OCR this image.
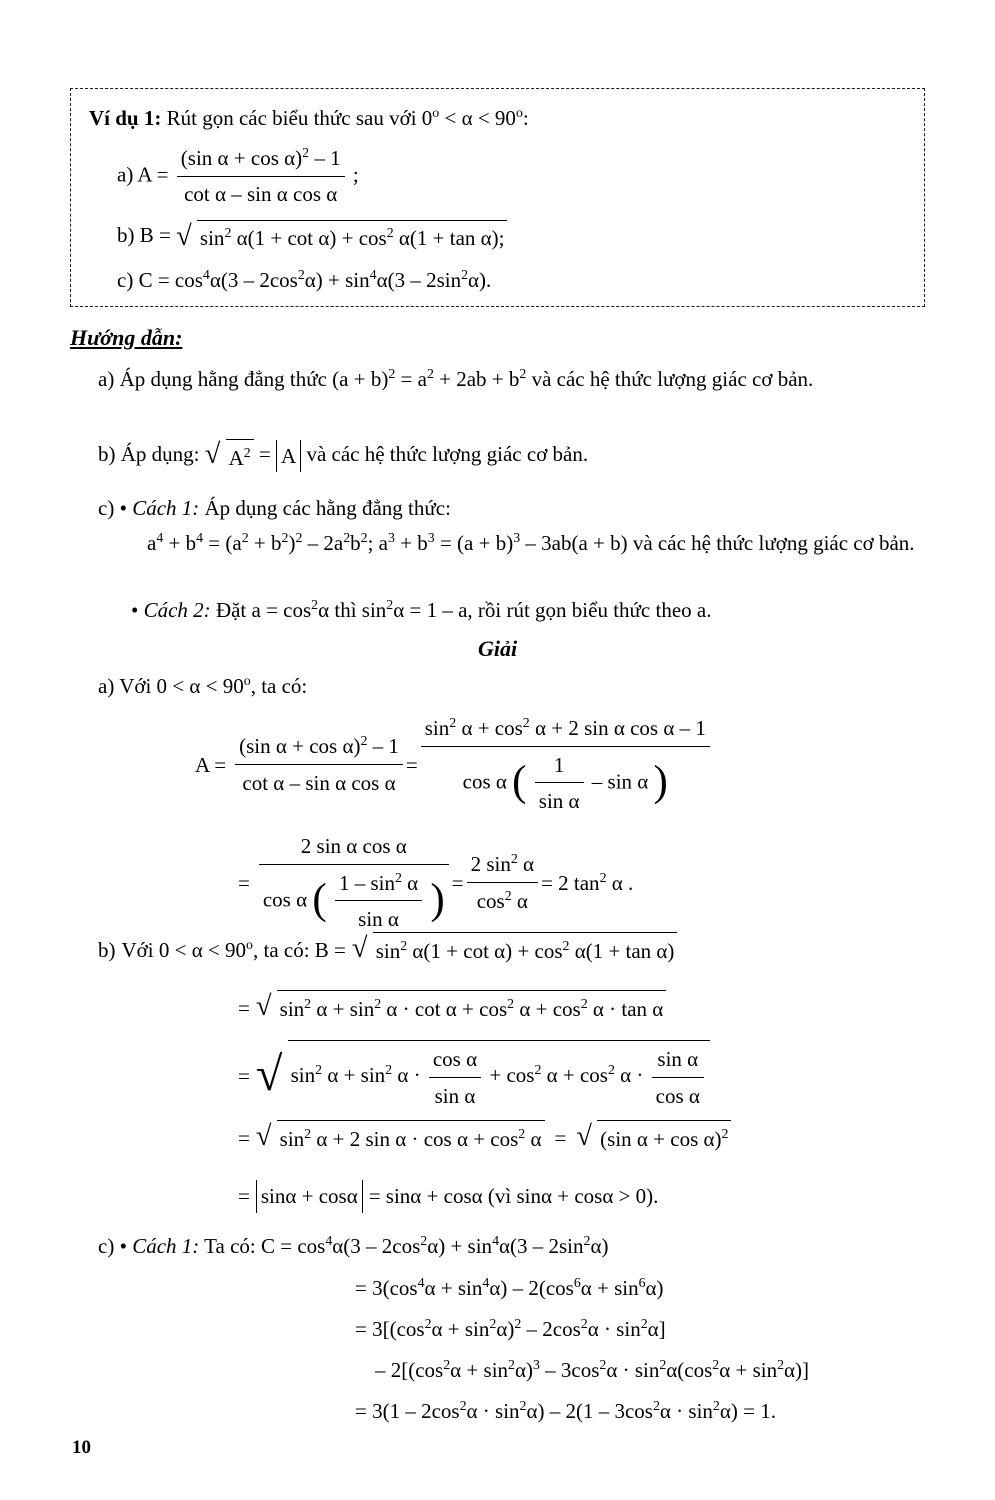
Ví dụ 1: Rút gọn các biểu thức sau với $0^o < \alpha < 90^o$:
a) $A = \frac{(\sin \alpha + \cos \alpha)^2 - 1}{\text{cot α – sin α cos α}}$ ;
b) B = √ $\sin^2 \alpha(1 + \cot \alpha) + \cos^2 \alpha(1 + \tan \alpha)$;
c) $C = \cos^4\alpha(3 - 2\cos^2\alpha) + \sin^4\alpha(3 - 2\sin^2\alpha)$.
Hướng dẫn:
a) Áp dụng hằng đẳng thức $(a + b)^2 = a^2 + 2ab + b^2$ và các hệ thức lượng giác cơ bản.
b) Áp dụng: √ $A^2 = A$ và các hệ thức lượng giác cơ bản.
c) • Cách 1: Áp dụng các hằng đẳng thức:
$a^4 + b^4 = (a^2 + b^2)^2 - 2a^2b^2$; $a^3 + b^3 = (a + b)^3 - 3ab(a + b)$ và các hệ thức lượng giác cơ bản.
• Cách 2: Đặt $a = \cos^2\alpha$ thì $\sin^2\alpha = 1 - a$, rồi rút gọn biểu thức theo a.
Giải
a) Với $0 < \alpha < 90^o$, ta có:
$A = \frac{(\sin \alpha + \cos \alpha)^2 - 1}{\text{cot α – sin α cos α}}$ =
$\sin^2 \alpha + \cos^2 \alpha + 2$ sin α cos α – 1
cos α ( $\frac{1}{\text{sin α}}$ – sin α )
=
2 sin α cos α
cos α ( $\frac{1 - \sin^2 \alpha}{\text{sin α}}$ ) = $\frac{2 \sin^2 \alpha}{\cos^2 \alpha} = 2$ $\tan^2 \alpha$ .
b) Với $0 < \alpha < 90^o$, ta có: B = √ $\sin^2 \alpha(1 + \cot \alpha) + \cos^2 \alpha(1 + \tan \alpha)$
= √ $\sin^2 \alpha + \sin^2 \alpha \cdot \cot \alpha + \cos^2 \alpha + \cos^2 \alpha \cdot \tan \alpha$
= √ $\sin^2 \alpha + \sin^2 \alpha \cdot \frac{\text{cos α}}{\text{sin α}} + \cos^2 \alpha + \cos^2 \alpha \cdot \frac{\text{sin α}}{\text{cos α}}$
= √ $\sin^2 \alpha + 2$ $\sin \alpha \cdot \cos \alpha + \cos^2 \alpha$ = √ (sin α + cos α)$^2$
= sinα + cosα = sinα + cosα (vì sinα + cosα > 0).
c) • Cách 1: Ta có: $C = \cos^4\alpha(3 - 2\cos^2\alpha) + \sin^4\alpha(3 - 2\sin^2\alpha)$
= $3(\cos^4\alpha + \sin^4\alpha) - 2(\cos^6\alpha + \sin^6\alpha)$
= $3[(\cos^2\alpha + \sin^2\alpha)^2 - 2\cos^2\alpha \cdot \sin^2\alpha]$
– $2[(\cos^2\alpha + \sin^2\alpha)^3 - 3\cos^2\alpha \cdot \sin^2\alpha(\cos^2\alpha + \sin^2\alpha)]$
= $3(1 - 2\cos^2\alpha \cdot \sin^2\alpha) - 2(1 - 3\cos^2\alpha \cdot \sin^2\alpha) = 1$.
10
